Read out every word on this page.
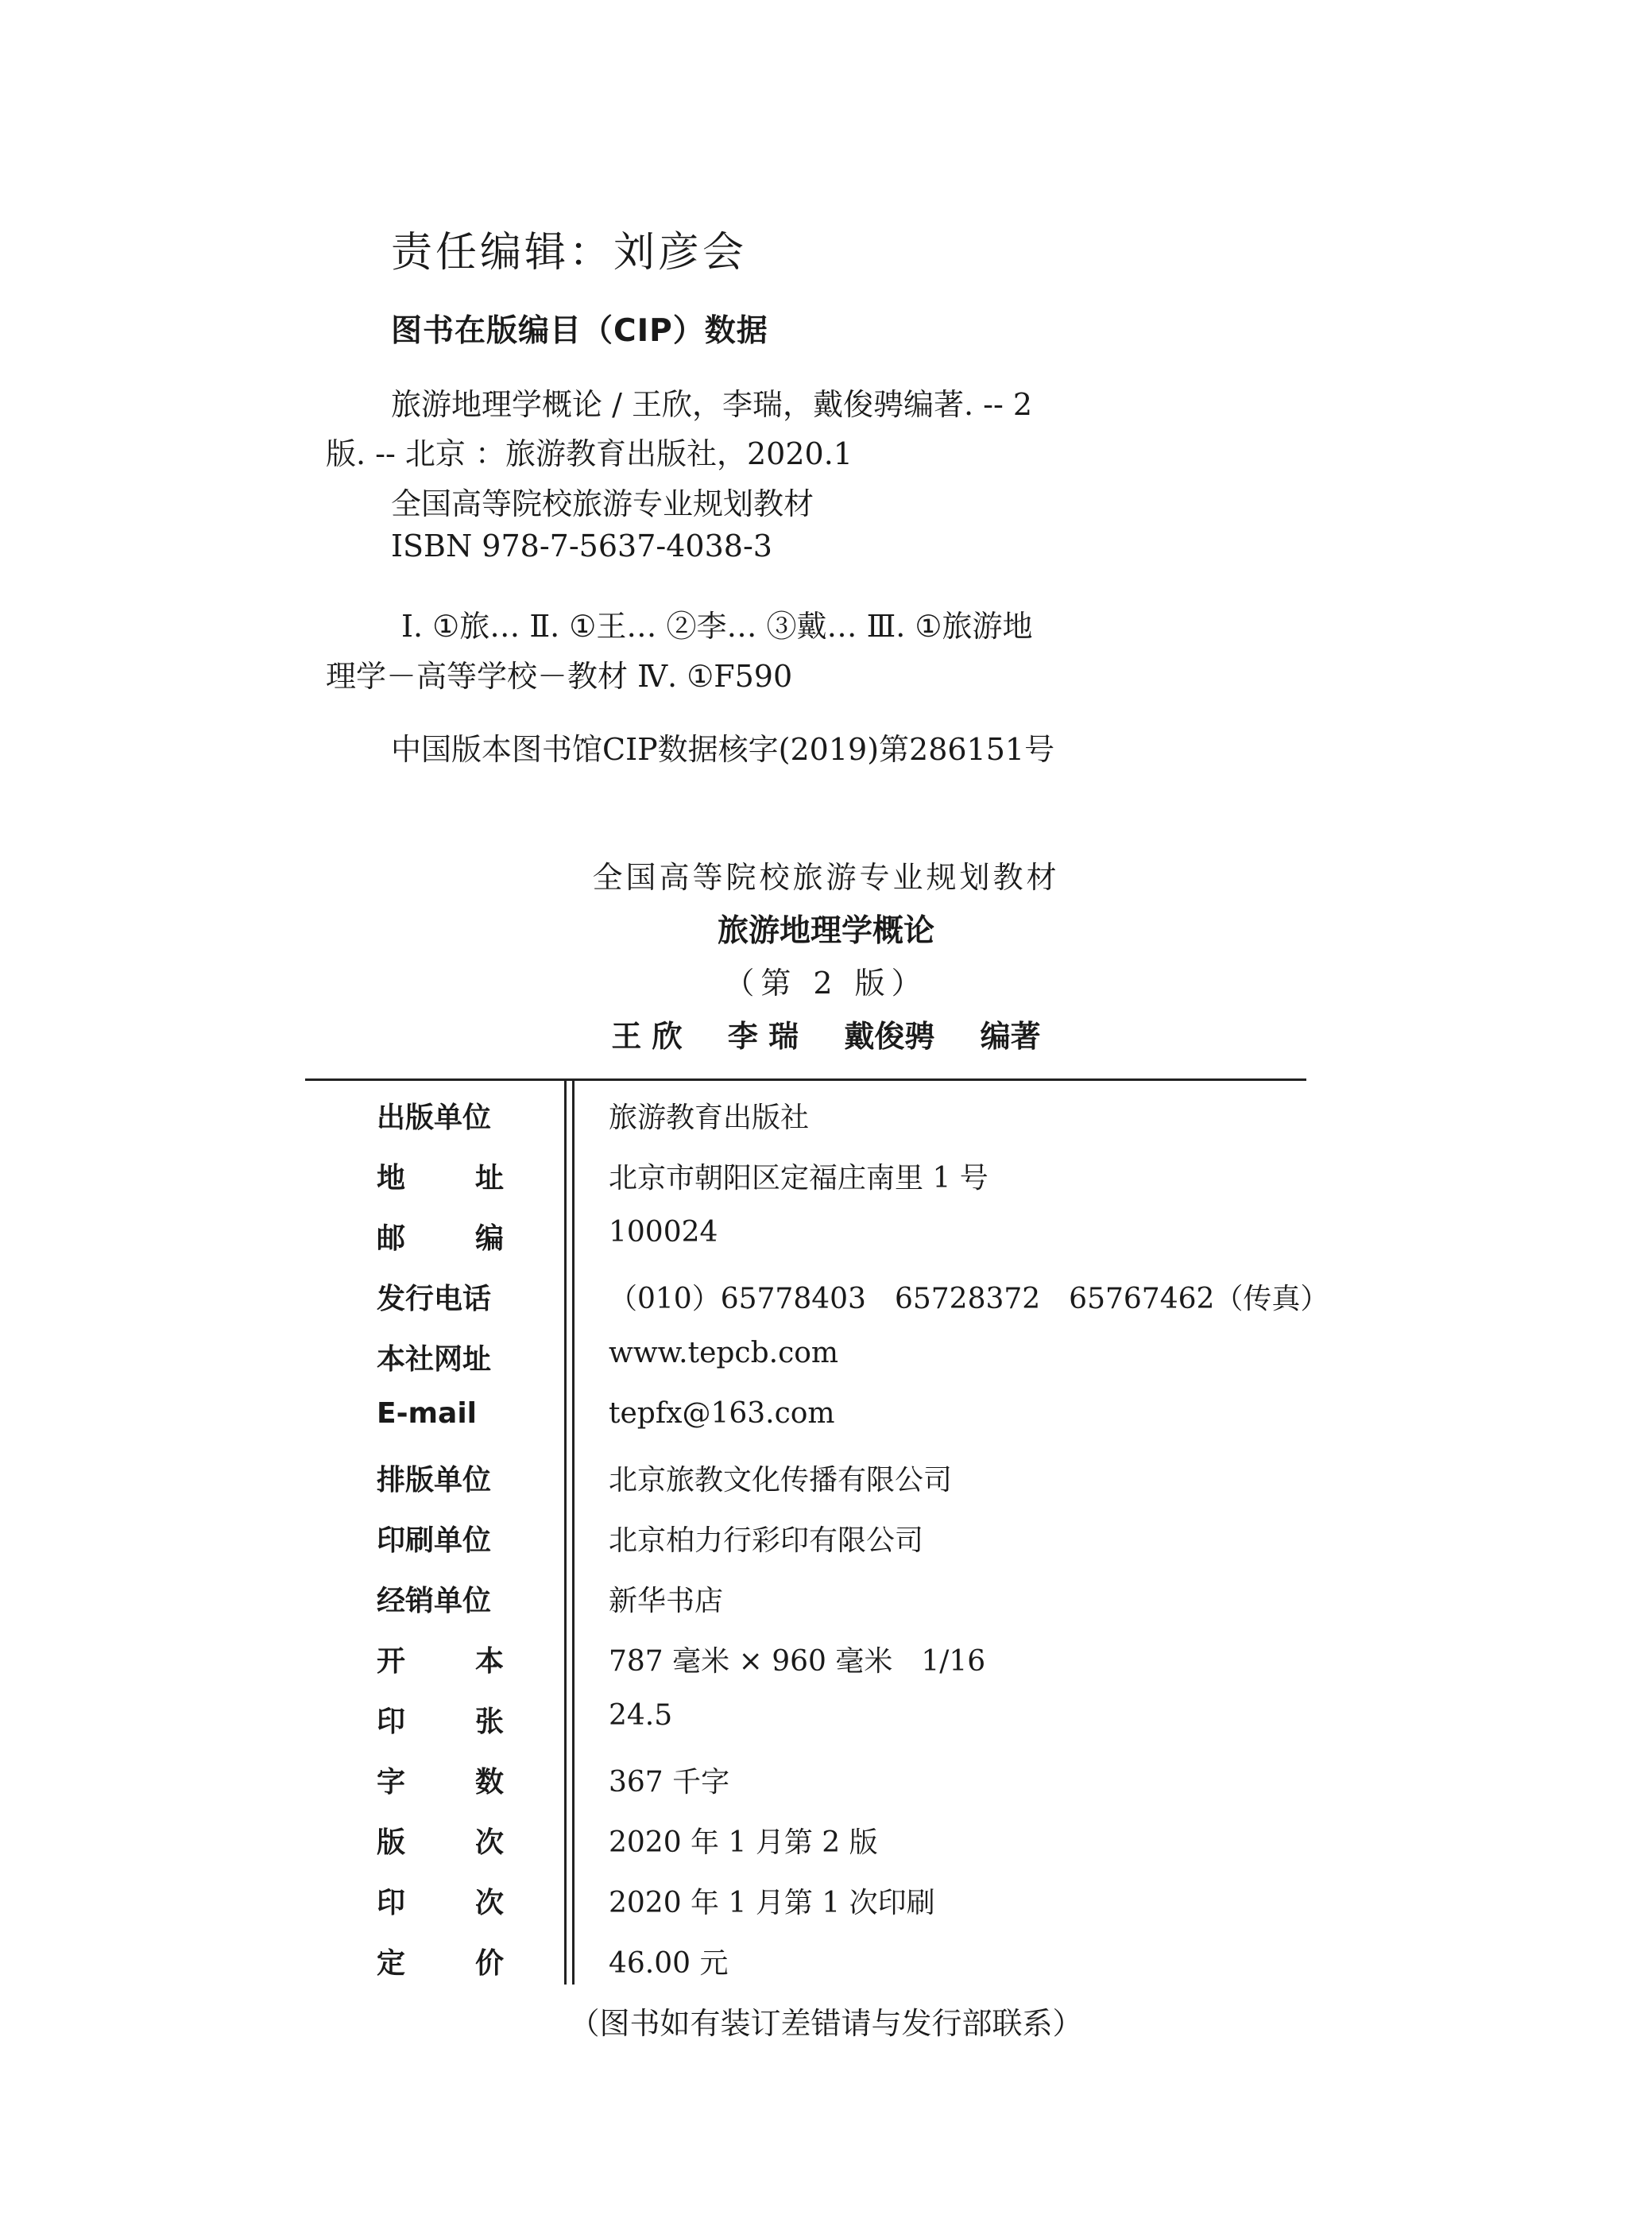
责任编辑：刘彦会
图书在版编目（CIP）数据
旅游地理学概论 / 王欣，李瑞，戴俊骋编著. -- 2
版. -- 北京 ：旅游教育出版社，2020.1
全国高等院校旅游专业规划教材
ISBN 978-7-5637-4038-3
Ⅰ. ①旅… Ⅱ. ①王… ②李… ③戴… Ⅲ. ①旅游地
理学－高等学校－教材 Ⅳ. ①F590
中国版本图书馆CIP数据核字(2019)第286151号
全国高等院校旅游专业规划教材
旅游地理学概论
（第 2 版）
王 欣 李 瑞 戴俊骋 编著
出版单位	旅游教育出版社
地 址	北京市朝阳区定福庄南里 1 号
邮 编	100024
发行电话	（010）65778403　65728372　65767462（传真）
本社网址	www.tepcb.com
E-mail	tepfx@163.com
排版单位	北京旅教文化传播有限公司
印刷单位	北京柏力行彩印有限公司
经销单位	新华书店
开 本	787 毫米 × 960 毫米　1/16
印 张	24.5
字 数	367 千字
版 次	2020 年 1 月第 2 版
印 次	2020 年 1 月第 1 次印刷
定 价	46.00 元
（图书如有装订差错请与发行部联系）
